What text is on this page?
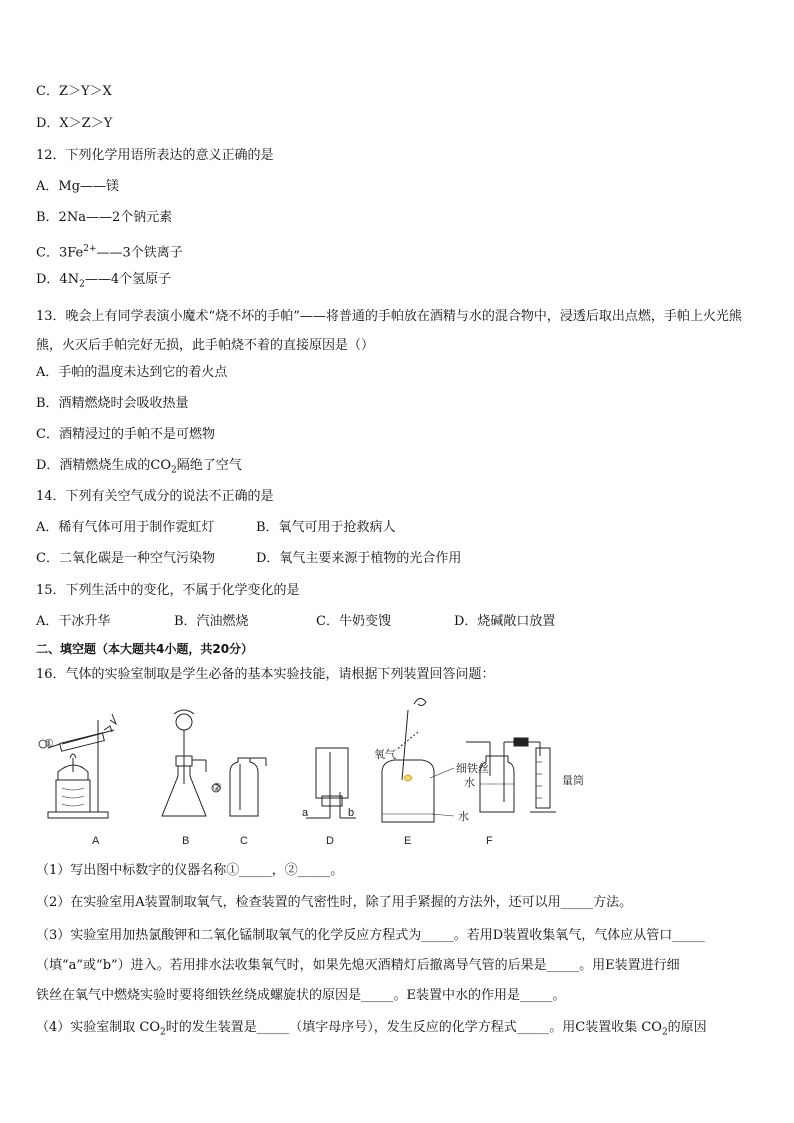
C．Z＞Y＞X
D．X＞Z＞Y
12．下列化学用语所表达的意义正确的是
A．Mg——镁
B．2Na——2个钠元素
C．$3Fe^{2+}——3$个铁离子
D．$4N_2——4$个氢原子
13．晚会上有同学表演小魔术“烧不坏的手帕”——将普通的手帕放在酒精与水的混合物中，浸透后取出点燃，手帕上火光熊熊，火灭后手帕完好无损，此手帕烧不着的直接原因是（）
A．手帕的温度未达到它的着火点
B．酒精燃烧时会吸收热量
C．酒精浸过的手帕不是可燃物
D．酒精燃烧生成的$CO_2$隔绝了空气
14．下列有关空气成分的说法不正确的是
A．稀有气体可用于制作霓虹灯	B．氧气可用于抢救病人
C．二氧化碳是一种空气污染物	D．氧气主要来源于植物的光合作用
15．下列生活中的变化，不属于化学变化的是
A．干冰升华	B．汽油燃烧	C．牛奶变馊	D．烧碱敞口放置
二、填空题（本大题共4小题，共20分）
16．气体的实验室制取是学生必备的基本实验技能，请根据下列装置回答问题：
①
A	B
②
C
a	b
D
氧气
细铁丝
水
E
水	量筒
F
（1）写出图中标数字的仪器名称①_____，②_____。
（2）在实验室用A装置制取氧气，检查装置的气密性时，除了用手紧握的方法外，还可以用_____方法。
（3）实验室用加热氯酸钾和二氧化锰制取氧气的化学反应方程式为_____。若用D装置收集氧气，气体应从管口_____
（填“a”或“b”）进入。若用排水法收集氧气时，如果先熄灭酒精灯后撤离导气管的后果是_____。用E装置进行细
铁丝在氧气中燃烧实验时要将细铁丝绕成螺旋状的原因是_____。E装置中水的作用是_____。
（4）实验室制取 $CO_2$时的发生装置是_____（填字母序号），发生反应的化学方程式_____。用C装置收集 $CO_2$的原因
